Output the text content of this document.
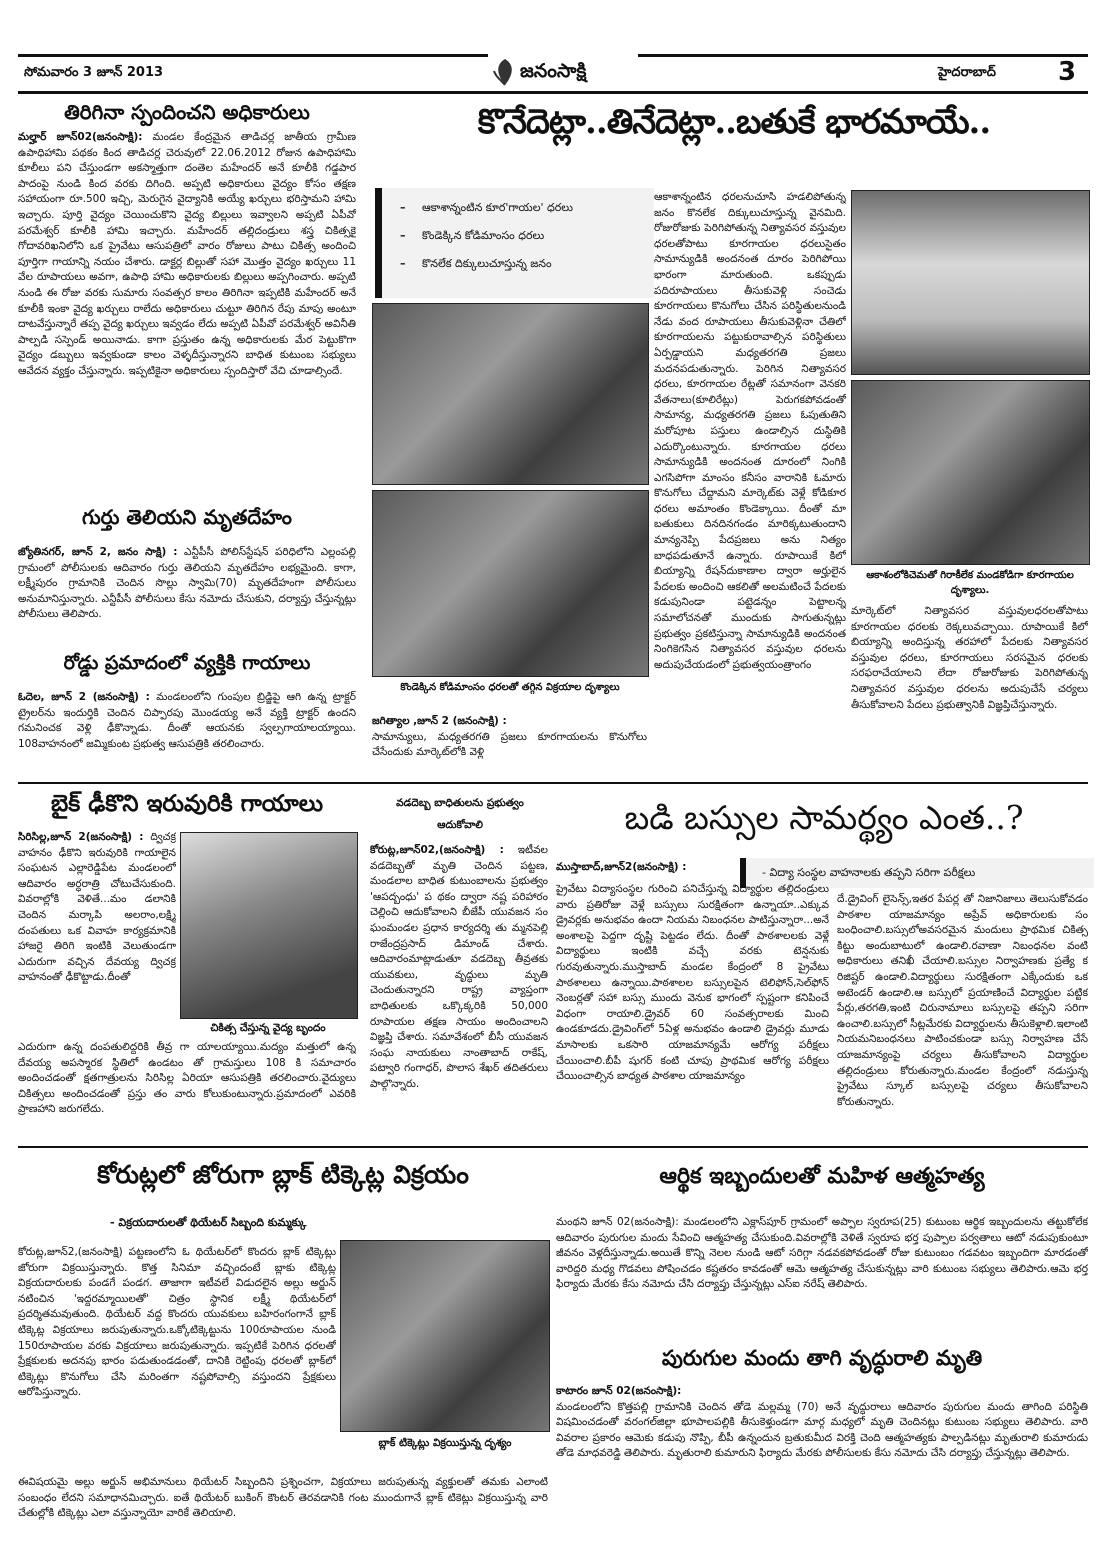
సోమవారం 3 జూన్ 2013	జనంసాక్షి	హైదరాబాద్ 3
తిరిగినా స్పందించని అధికారులు
మల్హార్ జూన్02(జనంసాక్షి): మండల కేంద్రమైన తాడిచర్ల జాతీయ గ్రామీణ ఉపాధిహామి పథకం కింద తాడిచర్ల చెరువులో 22.06.2012 రోజున ఉపాధిహామి కూలీలు పని చేస్తుండగా అకస్మాత్తుగా దంతెల మహేందర్ అనే కూలీకి గడ్డపార పాదంపై నుండి కింద వరకు దిగింది. అప్పటి అధికారులు వైద్యం కోసం తక్షణ సహాయంగా రూ.500 ఇచ్చి, మెరుగైన వైద్యానికి అయ్యే ఖర్చులు భరిస్తామని హామి ఇచ్చారు. పూర్తి వైద్యం చెయించుకొని వైద్య బిల్లులు ఇవ్వాలని అప్పటి ఏపీవో పరమేశ్వర్ కూలీకి హామి ఇచ్చారు. మహేందర్ తల్లిదండ్రులు శస్త్ర చికిత్సకై గోదావరిఖనిలోని ఒక ప్రైవేటు ఆసుపత్రిలో వారం రోజులు పాటు చికిత్స అందించి పూర్తిగా గాయాన్ని నయం చేశారు. డాక్టర్ల బిల్లుతో సహా మొత్తం వైద్యం ఖర్చులు 11 వేల రూపాయలు అవగా, ఉపాధి హామి అధికారులకు బిల్లులు అప్పగించారు. అప్పటి నుండి ఈ రోజు వరకు సుమారు సంవత్సర కాలం తిరిగినా ఇప్పటికి మహేందర్ అనే కూలీకి ఇంకా వైద్య ఖర్చులు రాలేదు అధికారులు చుట్టూ తిరిగిన రేపు మాపు అంటూ దాటవేస్తున్నారే తప్ప వైద్య ఖర్చులు ఇవ్వడం లేదు అప్పటి ఏపీవో పరమేశ్వర్ అవినీతి పాల్పడి సస్పెండ్ అయినాడు. కాగా ప్రస్తుతం ఉన్న అధికారులకు మేర పెట్టుకొగా వైద్యం డబ్బులు ఇవ్వకుండా కాలం వెళ్ళదీస్తున్నారని బాధిత కుటుంబ సభ్యులు ఆవేదన వ్యక్తం చేస్తున్నారు. ఇప్పటికైనా అధికారులు స్పందిస్తారో వేచి చూడాల్సిందే.
గుర్తు తెలియని మృతదేహం
జ్యోతినగర్, జూన్ 2, జనం సాక్షి) : ఎన్టీపీసీ పోలిస్‌స్టేషన్ పరిధిలోని ఎల్లంపల్లి గ్రామంలో పోలీసులకు ఆదివారం గుర్తు తెలియని మృతదేహం లభ్యమైంది. కాగా, లక్ష్మీపురం గ్రామానికి చెందిన సొల్లు స్వామి(70) మృతదేహంగా పోలీసులు అనుమానిస్తున్నారు. ఎన్టీపీసీ పోలీసులు కేసు నమోదు చేసుకుని, దర్యాప్తు చేస్తున్నట్లు పోలీసులు తెలిపారు.
రోడ్డు ప్రమాదంలో వ్యక్తికి గాయాలు
ఓదెల, జూన్ 2 (జనంసాక్షి) : మండలంలోని గుంపుల బ్రిడ్జిపై ఆగి ఉన్న ట్రాక్టర్ ట్రైలర్‌ను ఇందుర్తికి చెందిన చిప్పారపు మొండయ్య అనే వ్యక్తి ట్రాక్టర్ ఉందని గమనించక వెళ్లి ఢీకొన్నాడు. దీంతో ఆయనకు స్వల్పగాయాలయ్యాయి. 108వాహనంలో జమ్మికుంట ప్రభుత్వ ఆసుపత్రికి తరలించారు.
కొనేదెట్లా..తినేదెట్లా..బతుకే భారమాయే..
– ఆకాశాన్నంటిన కూర'గాయల' ధరలు
– కొండెక్కిన కోడిమాంసం ధరలు
– కొనలేక దిక్కులుచూస్తున్న జనం
కొండెక్కిన కోడిమాంసం ధరలతో తగ్గిన విక్రయాల దృశ్యాలు
జగిత్యాల ,జూన్ 2 (జనంసాక్షి) :
సామాన్యులు, మధ్యతరగతి ప్రజలు కూరగాయలను కొనుగోలు చేసేందుకు మార్కెట్‌లోకి వెళ్లి
ఆకాశాన్నంటిన ధరలనుచూసి హడలిపోతున్న జనం కొనలేక దిక్కులుచూస్తున్న వైనమిది. రోజురోజుకు పెరిగిపోతున్న నిత్యావసర వస్తువుల ధరలతోపాటు కూరగాయల ధరలుసైతం సామాన్యుడికి అందనంత దూరం పెరిగిపోయి భారంగా మారుతుంది. ఒకప్పుడు పదిరూపాయలు తీసుకువెళ్లి సంచెడు కూరగాయలు కొనుగోలు చేసిన పరిస్థితులనుండి నేడు వంద రూపాయలు తీసుకువెళ్లినా చేతిలో కూరగాయలను పట్టుకురావాల్సిన పరిస్థితులు ఏర్పడ్డాయని మధ్యతరగతి ప్రజలు మదనపడుతున్నారు. పెరిగిన నిత్యావసర ధరలు, కూరగాయల రేట్లతో సమానంగా వెనకరి వేతనాలు(కూలిరేట్లు) పెరుగకపోవడంతో సామాన్య, మధ్యతరగతి ప్రజలు ఓపుతుతిని మరోపూట పస్తులు ఉండాల్సిన దుస్థితికి ఎదుర్కొంటున్నారు. కూరగాయల ధరలు సామాన్యుడికి అందనంత దూరంలో నింగికి ఎగసిపోగా మాంసం కనీసం వారానికి ఓమారు కొనుగోలు చేద్దామని మార్కెట్‌కు వెళ్లే కోడికూర ధరలు అమాంతం కొండెక్కాయి. దీంతో మా బతుకులు దినదినగండం మారిక్కటుతుందాని మాన్యనెప్పి పేదప్రజలు అను నిత్యం బాధపడుతూనే ఉన్నారు. రూపాయికే కిలో బియ్యాన్ని రేషన్‌దుకాణాల ద్వారా అర్హులైన పేదలకు అందించి ఆకలితో అలమటించే పేదలకు కడుపునిండా పట్టెడన్నం పెట్టాలన్న సమాలోచనతో ముందుకు సాగుతున్నట్లు ప్రభుత్వం ప్రకటిస్తున్నా సామాన్యుడికి అందనంత నింగికెగసిన నిత్యావసర వస్తువుల ధరలను అదుపుచేయడంలో ప్రభుత్వయంత్రాంగం
ఆకాశంలోకిచెమతో గిరాకీలేక మండకోడిగా కూరగాయల దృశ్యాలు.
మార్కెట్‌లో నిత్యావసర వస్తువులధరలతోపాటు కూరగాయల ధరలకు రెక్కలువచ్చాయి. రూపాయికే కిలో బియ్యాన్ని అందిస్తున్న తరహాలో పేదలకు నిత్యావసర వస్తువుల ధరలు, కూరగాయలు సరసమైన ధరలకు సరఫరాచేయాలని లేదా రోజురోజుకు పెరిగిపోతున్న నిత్యావసర వస్తువుల ధరలను అదుపుచేసే చర్యలు తీసుకోవాలని పేదలు ప్రభుత్వానికి విజ్ఞప్తిచేస్తున్నారు.
బైక్ ఢీకొని ఇరువురికి గాయాలు
సిరిసిల్ల,జూన్ 2(జనంసాక్షి) : ద్విచక్ర వాహనం ఢీకొని ఇరువురికి గాయాలైన సంఘటన ఎల్లారెడ్డిపేట మండలంలో ఆదివారం అర్ధరాత్రి చోటుచేసుకుంది. వివరాల్లోకి వెళితే...మం డలానికి చెందిన మర్కాపి అలరాం,లక్ష్మి దంపతులు ఒక వివాహ కార్యక్రమానికి హాజరై తిరిగి ఇంటికి వెలుతుండగా ఎదురుగా వచ్చిన దేవయ్య ద్విచక్ర వాహనంతో ఢీకొట్టాడు.దీంతో
చికిత్స చేస్తున్న వైద్య బృందం
ఎదురుగా ఉన్న దంపతులిద్దరికి తీవ్ర గా యాలయ్యాయి.మద్యం మత్తులో ఉన్న దేవయ్య అపస్మారక స్థితిలో ఉండటం తో గ్రామస్తులు 108 కి సమాచారం అందించడంతో క్షతగాత్రులను సిరిసిల్ల ఏరియా ఆసుపత్రికి తరలించారు.వైద్యులు చికిత్సలు అందించడంతో ప్రస్తు తం వారు కోలుకుంటున్నారు.ప్రమాదంలో ఎవరికి ప్రాణహాని జరుగలేదు.
వడదెబ్బ బాధితులను ప్రభుత్వం
ఆదుకోవాలి
కోరుట్ల,జూన్02,(జనంసాక్షి) : ఇటీవల వడదెబ్బతో మృతి చెందిన పట్టణ, మండలాల బాధిత కుటుంబాలను ప్రభుత్వం 'ఆపద్బంధు' ప థకం ద్వారా నష్ట పరిహారం చెల్లించి ఆదుకోవాలని బీజేపీ యువజన సం ఘంమండల ప్రధాన కార్యదర్శి తు మ్మనపెల్లి రాజేంద్రప్రసాద్ డిమాండ్ చేశారు. ఆదివారంమాట్లాడుతూ వడదెబ్బ తీవ్రతకు యువకులు, వృద్ధులు మృతి చెందుతున్నారని రాష్ట్ర వ్యాప్తంగా బాధితులకు ఒక్కొక్కరికి 50,000 రూపాయల తక్షణ సాయం అందించాలని విజ్ఞప్తి చేశారు. సమావేశంలో బీసీ యువజన సంఘ నాయకులు నాంతాబాద్ రాకేష్, పట్వారి గంగాధర్, పొలాస శేఖర్ తదితరులు పాల్గొన్నారు.
బడి బస్సుల సామర్థ్యం ఎంత..?
- విద్యా సంస్థల వాహనాలకు తప్పని సరిగా పరీక్షలు
ముస్తాబాద్,జూన్2(జనంసాక్షి) :
ప్రైవేటు విద్యాసంస్థల గురించి పనిచేస్తున్న విద్యార్థుల తల్లిదండ్రులు వారు ప్రతిరోజు వెళ్లే బస్సులు సురక్షితంగా ఉన్నాయా..ఎక్కువ డ్రైవర్లకు అనుభవం ఉందా నియమ నిబంధనల పాటిస్తున్నారా...అనే అంశాలపై పెద్దగా దృష్టి పెట్టడం లేదు. దీంతో పాఠశాలలకు వెళ్లే విద్యార్థులు ఇంటికి వచ్చే వరకు టెన్షనుకు గురవుతున్నారు.ముస్తాబాద్ మండల కేంద్రంలో 8 ప్రైవేటు పాఠశాలలు ఉన్నాయి.పాఠశాలల బస్సులపైన టెలిఫోన్,సెల్‌ఫోన్ నెంబర్లతో సహా బస్సు ముందు వెనుక భాగంలో స్పష్టంగా కనిపించే విధంగా రాయాలి.డ్రైవర్ 60 సంవత్సరాలకు మించి ఉండకూడదు.డ్రైవింగ్‌లో 5ఏళ్ల అనుభవం ఉండాలి డ్రైవర్లు మూడు మాసాలకు ఒకసారి యాజమాన్యమే ఆరోగ్య పరీక్షలు చేయించాలి.బీపీ షుగర్ కంటి చూపు ప్రాథమిక ఆరోగ్య పరీక్షలు చేయించాల్సిన బాధ్యత పాఠశాల యాజమాన్యం
దే.డ్రైవింగ్ లైసెన్స్,ఇతర పేపర్ల తో నిజానిజాలు తెలుసుకోవడం పాఠశాల యాజమాన్యం అప్రేవ్ అధికారులకు సం బంధించాలి.బస్సులోఅవసరమైన మందులు ప్రాథమిక చికిత్స కిట్టు అందుబాటులో ఉండాలి.రవాణా నిబంధనల వంటి అధికారులు తనిఖీ చేయాలి.బస్సుల నిర్వాహణకు ప్రత్యే క రిజిష్టర్ ఉండాలి.విద్యార్థులు సురక్షితంగా ఎక్కేందుకు ఒక అటెండర్ ఉండాలి.ఆ బస్సులో ప్రయాణించే విద్యార్థుల పట్టిక పేర్లు,తరగతి,ఇంటి చిరునామాలు బస్సులపై తప్పని సరిగా ఉంచాలి.బస్సులో సీట్లమేరకు విద్యార్థులను తీసుకెళ్లాలి.ఇలాంటి నియమనిబంధనలు పాటించకుండా బస్సు నిర్వాహణ చేసే యాజమాన్యంపై చర్యలు తీసుకోవాలని విద్యార్థుల తల్లిదండ్రులు కోరుతున్నారు.మండల కేంద్రంలో నడుస్తున్న ప్రైవేటు స్కూల్ బస్సులపై చర్యలు తీసుకోవాలని కోరుతున్నారు.
కోరుట్లలో జోరుగా బ్లాక్ టిక్కెట్ల విక్రయం
- విక్రయదారులతో థియేటర్ సిబ్బంది కుమ్మక్కు
కోరుట్ల,జూన్2,(జనంసాక్షి) పట్టణంలోని ఓ థియేటర్‌లో కొందరు బ్లాక్ టిక్కెట్లు జోరుగా విక్రయిస్తున్నారు. కొత్త సినిమా వచ్చిందంటే బ్లాకు టిక్కెట్ల విక్రయదారులకు పండగే పండగ. తాజాగా ఇటీవలే విడుదలైన అల్లు అర్జున్ నటించిన 'ఇద్దరమ్మాయిలతో' చిత్రం స్థానిక లక్ష్మీ థియేటర్‌లో ప్రదర్శితమవుతుంది. థియేటర్ వద్ద కొందరు యువకులు బహిరంగంగానే బ్లాక్ టిక్కెట్ల విక్రయాలు జరుపుతున్నారు.ఒక్కోటిక్కెట్టును 100రూపాయల నుండి 150రూపాయల వరకు విక్రయాలు జరుపుతున్నారు. ఇప్పటికే పెరిగిన ధరలతో ప్రేక్షకులకు అదనపు భారం పడుతుండడంతో, దానికి రెట్టింపు ధరలతో బ్లాక్‌లో టిక్కెట్లు కొనుగోలు చేసి మరింతగా నష్టపోవాల్సి వస్తుందని ప్రేక్షకులు ఆరోపిస్తున్నారు.
బ్లాక్ టిక్కెట్లు విక్రయిస్తున్న దృశ్యం
ఈవిషయమై అల్లు అర్జున్ అభిమానులు థియేటర్ సిబ్బందిని ప్రశ్నించగా, విక్రయాలు జరుపుతున్న వ్యక్తులతో తమకు ఎలాంటి సంబంధం లేదని సమాధానమిచ్చారు. ఐతే థియేటర్ బుకింగ్ కౌంటర్ తెరవడానికి గంట ముందుగానే బ్లాక్ టికెట్లు విక్రయిస్తున్న వారి చేతుల్లోకి టిక్కెట్లు ఎలా వస్తున్నాయో వారికే తెలియాలి.
ఆర్థిక ఇబ్బందులతో మహిళ ఆత్మహత్య
మంథని జూన్ 02(జనంసాక్షి): మండలంలోని ఎక్లాస్‌పూర్ గ్రామంలో అప్పాల స్వరూప(25) కుటుంబ ఆర్థిక ఇబ్బందులను తట్టుకోలేక ఆదివారం పురుగుల మందు సేవించి ఆత్మహత్య చేసుకుంది.వివరాల్లోకి వెళితే స్వరూప భర్త పుప్పాల పర్వతాలు ఆటో నడుపుకుంటూ జీవనం వెళ్లదీస్తున్నాడు.అయితే కొన్ని నెలల నుండి ఆటో సరిగ్గా నడవకపోవడంతో రోజు కుటుంబం గడవటం ఇబ్బందిగా మారడంతో వారిద్దరి మధ్య గొడవలు పోషించడం కష్టతరం కావడంతో ఆమె ఆత్మహత్య చేసుకున్నట్లు వారి కుటుంబ సభ్యులు తెలిపారు.ఆమె భర్త ఫిర్యాదు మేరకు కేసు నమోదు చేసి దర్యాప్తు చేస్తున్నట్లు ఎస్ఐ నరేష్ తెలిపారు.
పురుగుల మందు తాగి వృద్ధురాలి మృతి
కాటారం జూన్ 02(జనంసాక్షి):
మండలంలోని కొత్తపల్లి గ్రామానికి చెందిన తోడె మల్లమ్మ (70) అనే వృద్ధురాలు ఆదివారం పురుగుల మందు తాగింది పరిస్థితి విషమించడంతో వరంగల్‌జిల్లా భూపాలపల్లికి తీసుకెళ్తుండగా మార్గ మధ్యలో మృతి చెందినట్లు కుటుంబ సభ్యులు తెలిపారు. వారి వివరాల ప్రకారం ఆమెకు కడుపు నొప్పి, బీపీ ఉన్నందున బ్రతుకుమీద విరక్తి చెంది ఆత్మహత్యకు పాల్పడినట్లు మృతురాలి కుమారుడు తోడె మాధవరెడ్డి తెలిపారు. మృతురాలి కుమారుని ఫిర్యాదు మేరకు పోలీసులకు కేసు నమోదు చేసి దర్యాప్తు చేస్తున్నట్లు తెలిపారు.
